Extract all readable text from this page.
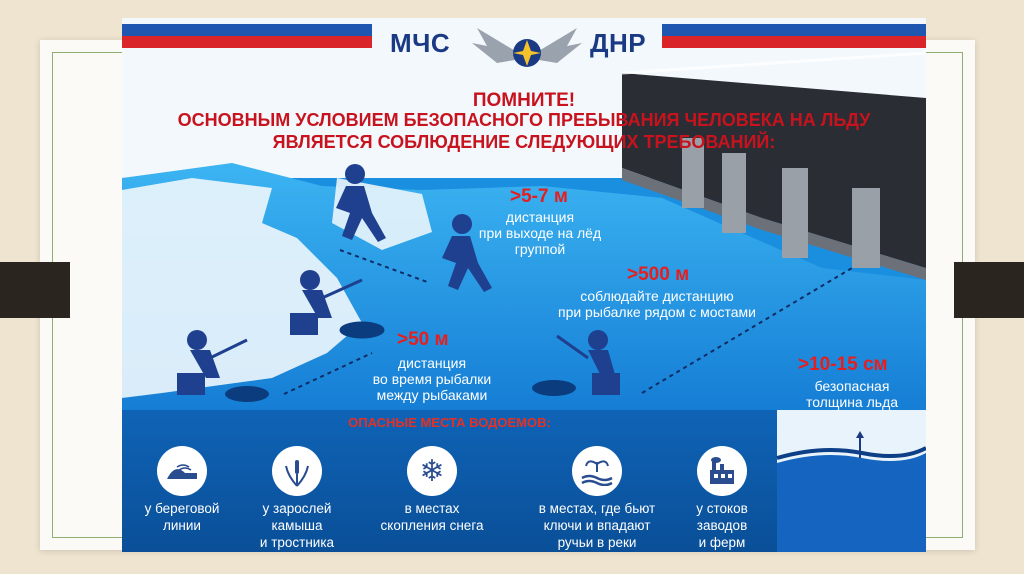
МЧС	ДНР
ПОМНИТЕ!
ОСНОВНЫМ УСЛОВИЕМ БЕЗОПАСНОГО ПРЕБЫВАНИЯ ЧЕЛОВЕКА НА ЛЬДУ
ЯВЛЯЕТСЯ СОБЛЮДЕНИЕ СЛЕДУЮЩИХ ТРЕБОВАНИЙ:
>5-7 м
дистанция
при выходе на лёд
группой
>500 м
соблюдайте дистанцию
при рыбалке рядом с мостами
>50 м
дистанция
во время рыбалки
между рыбаками
>10-15 см
безопасная
толщина льда
ОПАСНЫЕ МЕСТА ВОДОЕМОВ:
у береговой
линии
у зарослей
камыша
и тростника
❄
в местах
скопления снега
в местах, где бьют
ключи и впадают
ручьи в реки
у стоков
заводов
и ферм
